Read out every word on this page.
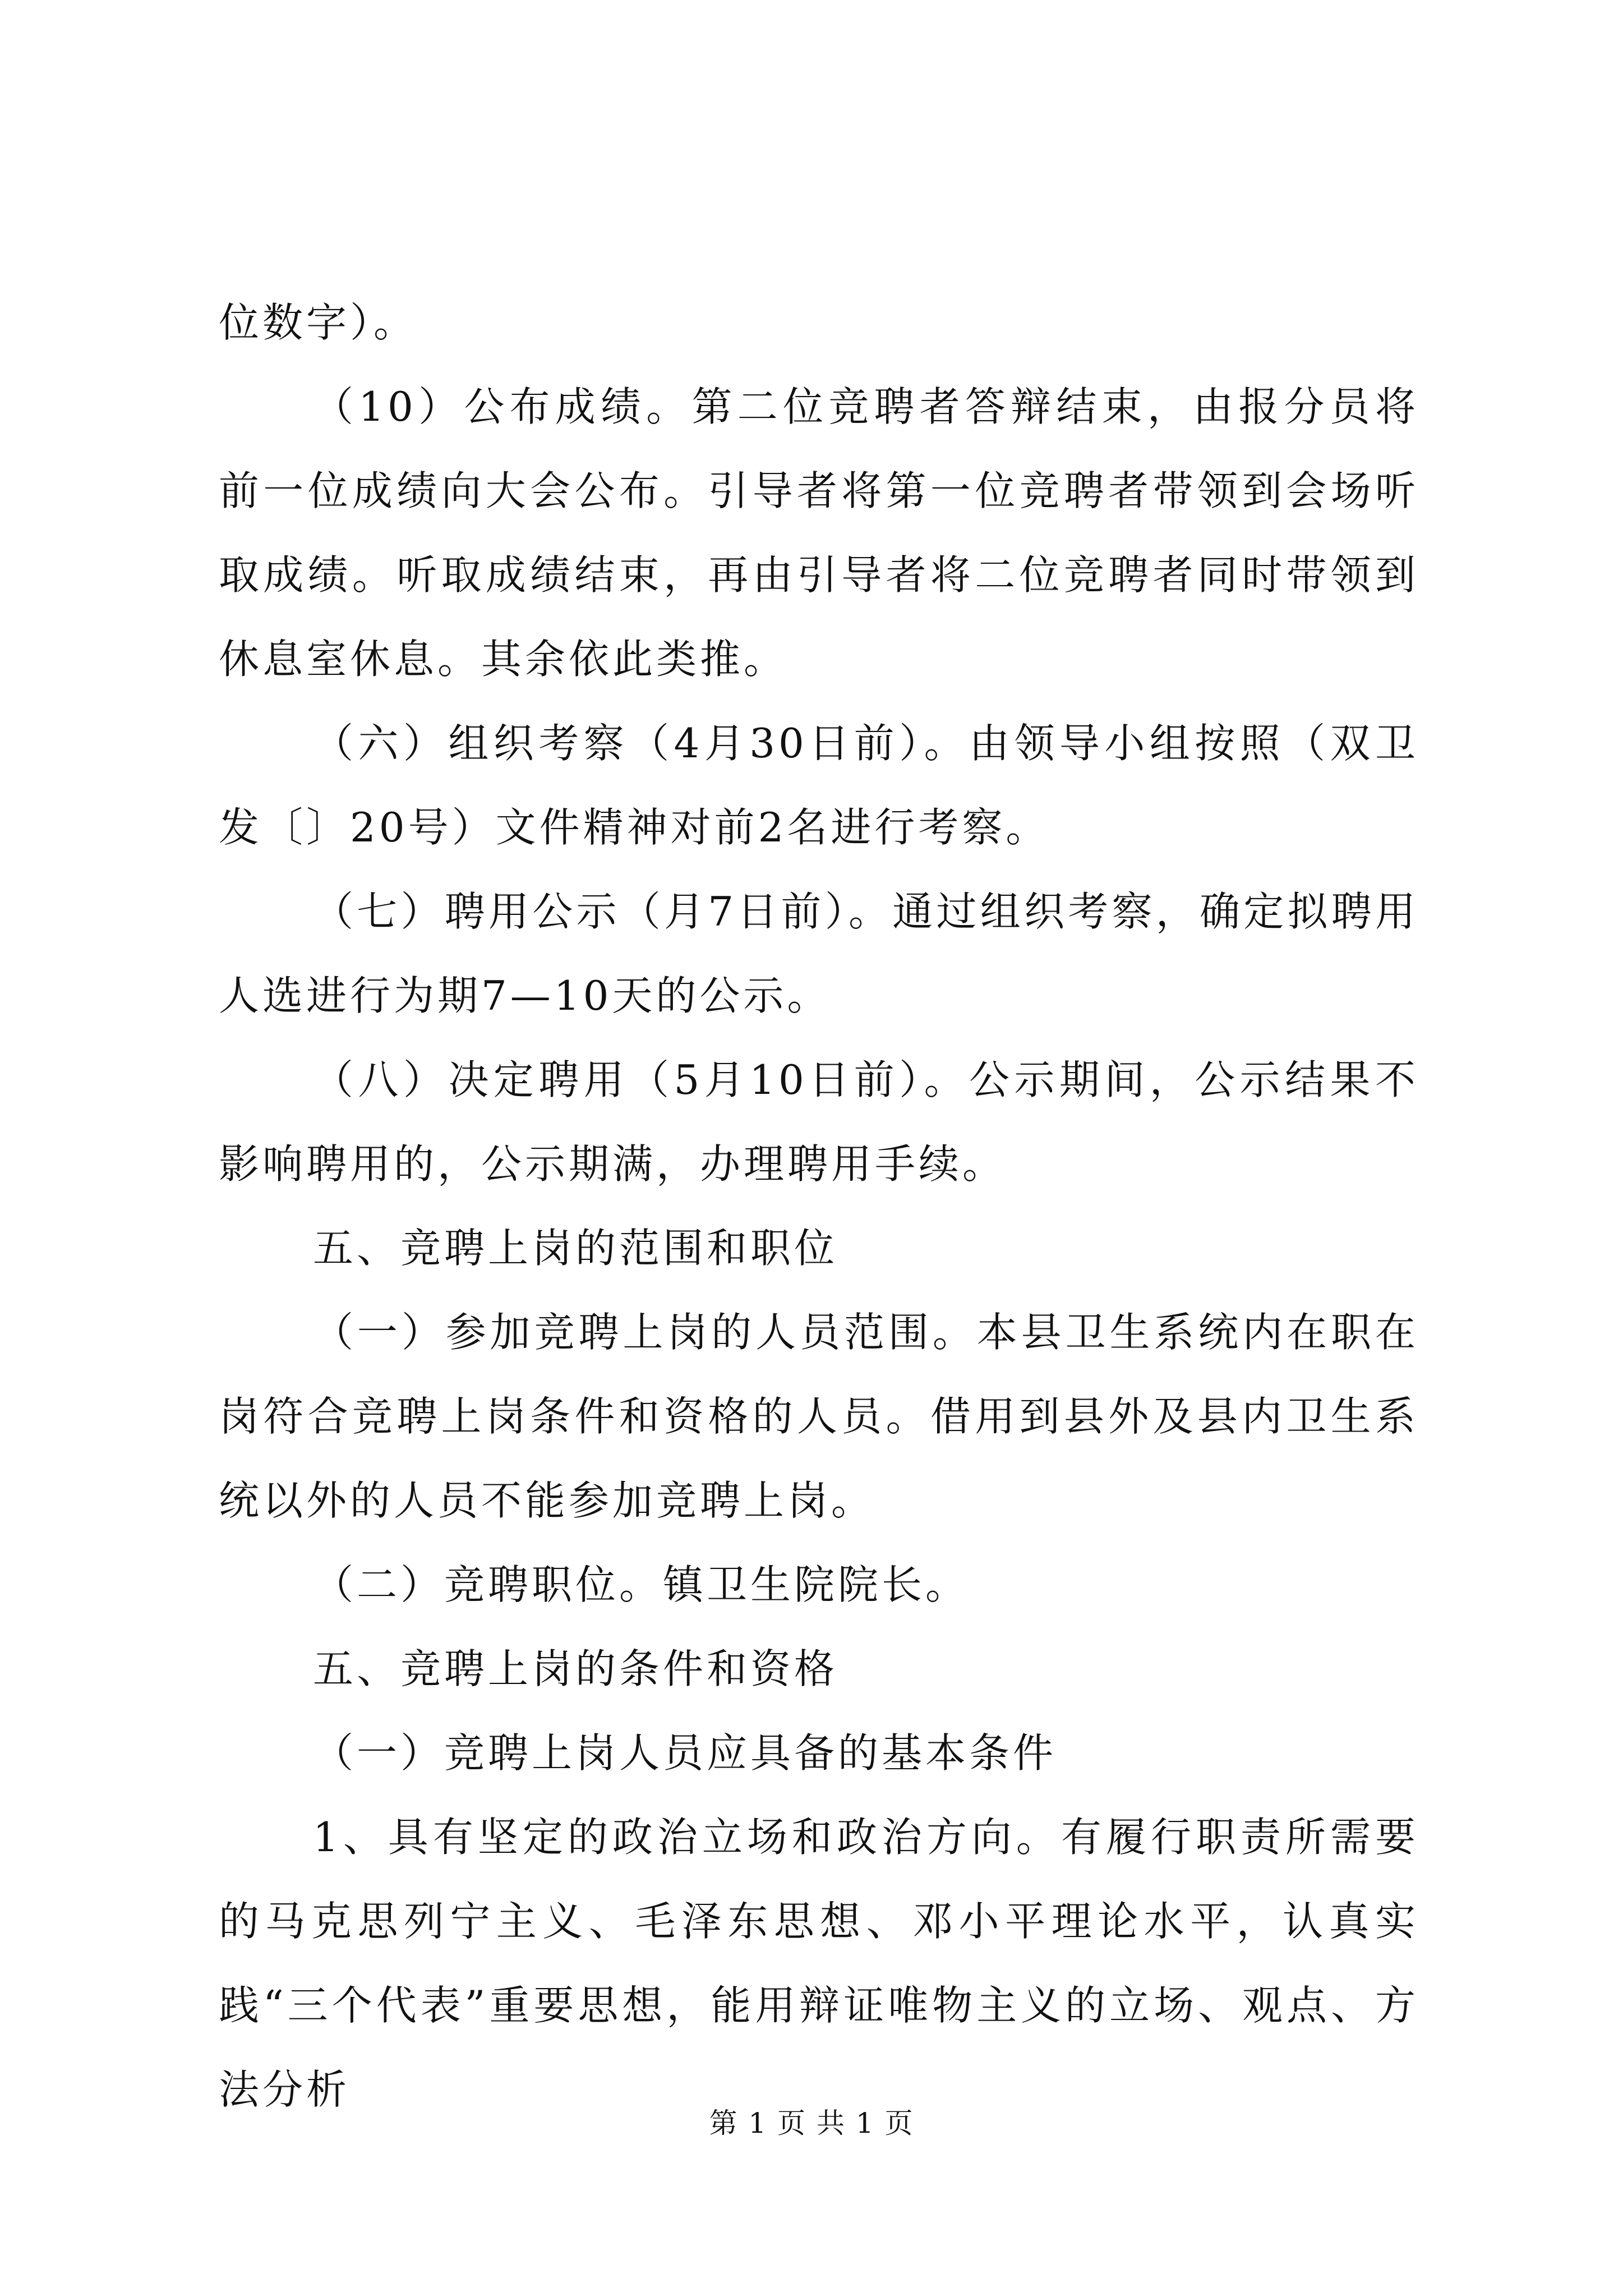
位数字）。

（10）公布成绩。第二位竞聘者答辩结束，由报分员将前一位成绩向大会公布。引导者将第一位竞聘者带领到会场听取成绩。听取成绩结束，再由引导者将二位竞聘者同时带领到休息室休息。其余依此类推。

（六）组织考察（4月30日前）。由领导小组按照（双卫发〔〕20号）文件精神对前2名进行考察。

（七）聘用公示（月7日前）。通过组织考察，确定拟聘用人选进行为期7—10天的公示。

（八）决定聘用（5月10日前）。公示期间，公示结果不影响聘用的，公示期满，办理聘用手续。

五、竞聘上岗的范围和职位

（一）参加竞聘上岗的人员范围。本县卫生系统内在职在岗符合竞聘上岗条件和资格的人员。借用到县外及县内卫生系统以外的人员不能参加竞聘上岗。

（二）竞聘职位。镇卫生院院长。

五、竞聘上岗的条件和资格

（一）竞聘上岗人员应具备的基本条件

1、具有坚定的政治立场和政治方向。有履行职责所需要的马克思列宁主义、毛泽东思想、邓小平理论水平，认真实践“三个代表”重要思想，能用辩证唯物主义的立场、观点、方法分析

第 1 页 共 1 页
